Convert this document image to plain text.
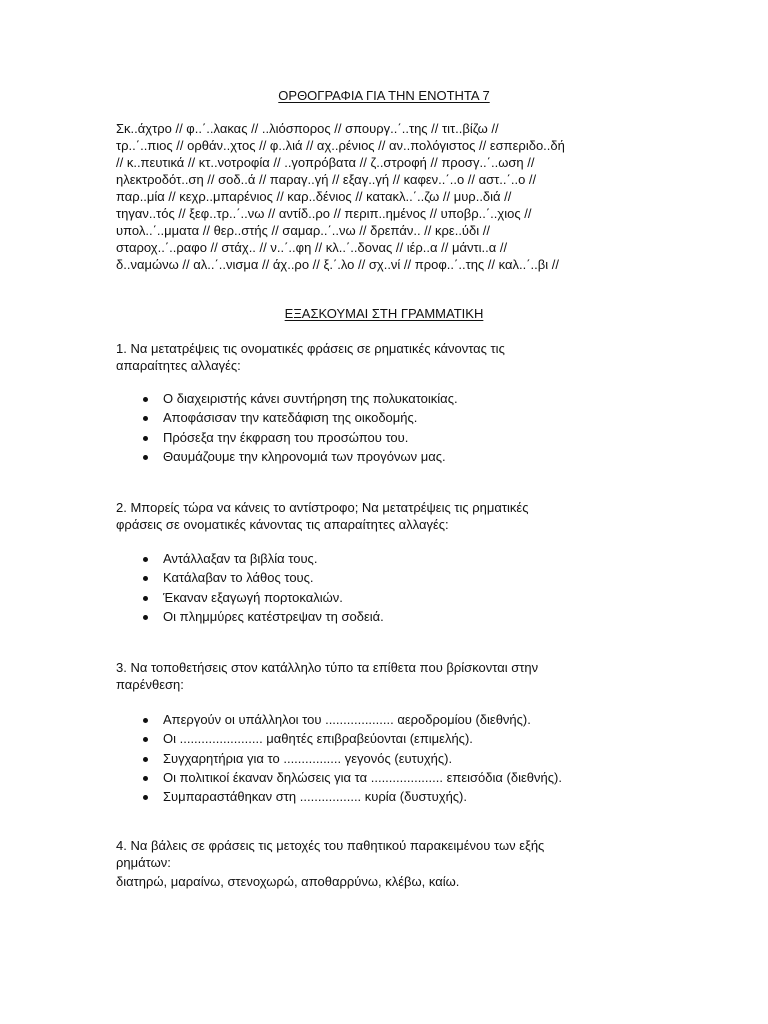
ΟΡΘΟΓΡΑΦΙΑ ΓΙΑ ΤΗΝ ΕΝΟΤΗΤΑ 7
Σκ..άχτρο // φ..΄..λακας // ..λιόσπορος // σπουργ..΄..της // τιτ..βίζω //
τρ..΄..πιος // ορθάν..χτος // φ..λιά // αχ..ρένιος // αν..πολόγιστος // εσπεριδο..δή
// κ..πευτικά // κτ..νοτροφία // ..γοπρόβατα // ζ..στροφή // προσγ..΄..ωση //
ηλεκτροδότ..ση // σοδ..ά // παραγ..γή // εξαγ..γή // καφεν..΄..ο // αστ..΄..ο //
παρ..μία // κεχρ..μπαρένιος // καρ..δένιος // κατακλ..΄..ζω // μυρ..διά //
τηγαν..τός // ξεφ..τρ..΄..νω // αντίδ..ρο // περιπ..ημένος // υποβρ..΄..χιος //
υπολ..΄..μματα // θερ..στής // σαμαρ..΄..νω // δρεπάν.. // κρε..ύδι //
σταροχ..΄..ραφο // στάχ.. // ν..΄..φη // κλ..΄..δονας // ιέρ..α // μάντι..α //
δ..ναμώνω // αλ..΄..νισμα // άχ..ρο // ξ.΄.λο // σχ..νί // προφ..΄..της // καλ..΄..βι //
ΕΞΑΣΚΟΥΜΑΙ ΣΤΗ ΓΡΑΜΜΑΤΙΚΗ
1. Να μετατρέψεις τις ονοματικές φράσεις σε ρηματικές κάνοντας τις
απαραίτητες αλλαγές:
Ο διαχειριστής κάνει συντήρηση της πολυκατοικίας.
Αποφάσισαν την κατεδάφιση της οικοδομής.
Πρόσεξα την έκφραση του προσώπου του.
Θαυμάζουμε την κληρονομιά των προγόνων μας.
2. Μπορείς τώρα να κάνεις το αντίστροφο; Να μετατρέψεις τις ρηματικές
φράσεις σε ονοματικές κάνοντας τις απαραίτητες αλλαγές:
Αντάλλαξαν τα βιβλία τους.
Κατάλαβαν το λάθος τους.
Έκαναν εξαγωγή πορτοκαλιών.
Οι πλημμύρες κατέστρεψαν τη σοδειά.
3. Να τοποθετήσεις στον κατάλληλο τύπο τα επίθετα που βρίσκονται στην
παρένθεση:
Απεργούν οι υπάλληλοι του ................... αεροδρομίου (διεθνής).
Οι ....................... μαθητές επιβραβεύονται (επιμελής).
Συγχαρητήρια για το ................ γεγονός (ευτυχής).
Οι πολιτικοί έκαναν δηλώσεις για τα .................... επεισόδια (διεθνής).
Συμπαραστάθηκαν στη ................. κυρία (δυστυχής).
4. Να βάλεις σε φράσεις τις μετοχές του παθητικού παρακειμένου των εξής
ρημάτων:
διατηρώ, μαραίνω, στενοχωρώ, αποθαρρύνω, κλέβω, καίω.
